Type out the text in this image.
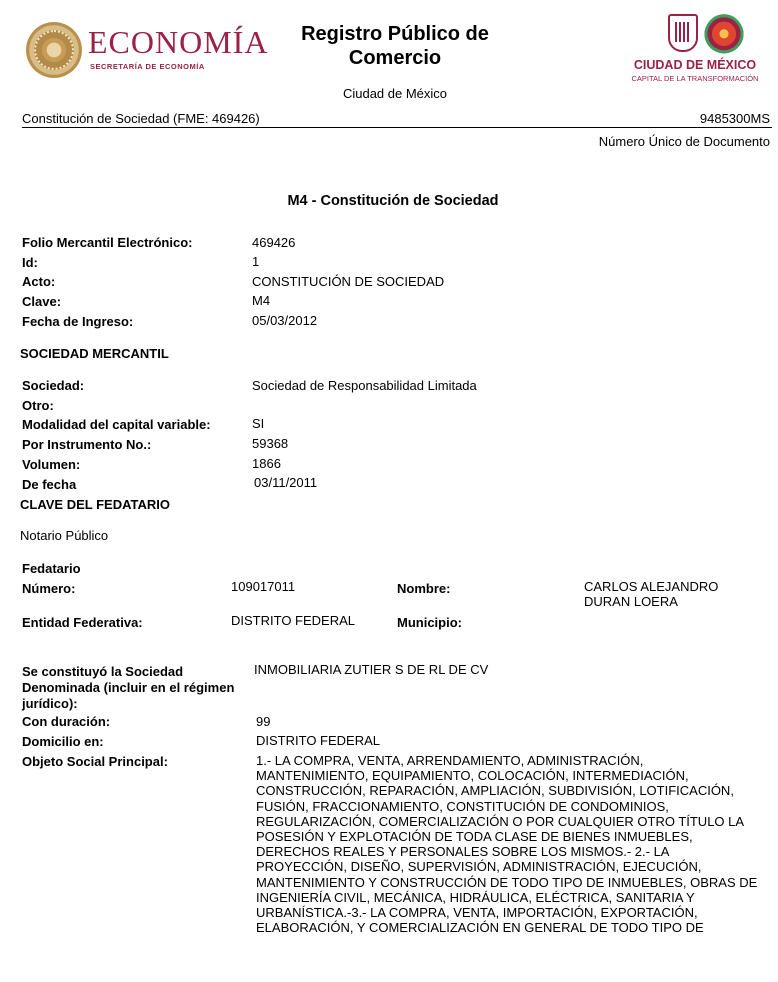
ECONOMÍA
SECRETARÍA DE ECONOMÍA
Registro Público de Comercio
Ciudad de México
CIUDAD DE MÉXICO
CAPITAL DE LA TRANSFORMACIÓN
Constitución de Sociedad (FME: 469426)	9485300MS
Número Único de Documento
M4 - Constitución de Sociedad
Folio Mercantil Electrónico:	469426
Id:	1
Acto:	CONSTITUCIÓN DE SOCIEDAD
Clave:	M4
Fecha de Ingreso:	05/03/2012
SOCIEDAD MERCANTIL
Sociedad:	Sociedad de Responsabilidad Limitada
Otro:
Modalidad del capital variable:	SI
Por Instrumento No.:	59368
Volumen:	1866
De fecha	03/11/2011
CLAVE DEL FEDATARIO
Notario Público
Fedatario
Número:	109017011	Nombre:	CARLOS ALEJANDRO
DURAN LOERA
Entidad Federativa:	DISTRITO FEDERAL	Municipio:
Se constituyó la Sociedad
Denominada (incluir en el régimen
jurídico):
INMOBILIARIA ZUTIER S DE RL DE CV
Con duración:	99
Domicilio en:	DISTRITO FEDERAL
Objeto Social Principal:	1.- LA COMPRA, VENTA, ARRENDAMIENTO, ADMINISTRACIÓN,
MANTENIMIENTO, EQUIPAMIENTO, COLOCACIÓN, INTERMEDIACIÓN,
CONSTRUCCIÓN, REPARACIÓN, AMPLIACIÓN, SUBDIVISIÓN, LOTIFICACIÓN,
FUSIÓN, FRACCIONAMIENTO, CONSTITUCIÓN DE CONDOMINIOS,
REGULARIZACIÓN, COMERCIALIZACIÓN O POR CUALQUIER OTRO TÍTULO LA
POSESIÓN Y EXPLOTACIÓN DE TODA CLASE DE BIENES INMUEBLES,
DERECHOS REALES Y PERSONALES SOBRE LOS MISMOS.- 2.- LA
PROYECCIÓN, DISEÑO, SUPERVISIÓN, ADMINISTRACIÓN, EJECUCIÓN,
MANTENIMIENTO Y CONSTRUCCIÓN DE TODO TIPO DE INMUEBLES, OBRAS DE
INGENIERÍA CIVIL, MECÁNICA, HIDRÁULICA, ELÉCTRICA, SANITARIA Y
URBANÍSTICA.-3.- LA COMPRA, VENTA, IMPORTACIÓN, EXPORTACIÓN,
ELABORACIÓN, Y COMERCIALIZACIÓN EN GENERAL DE TODO TIPO DE
